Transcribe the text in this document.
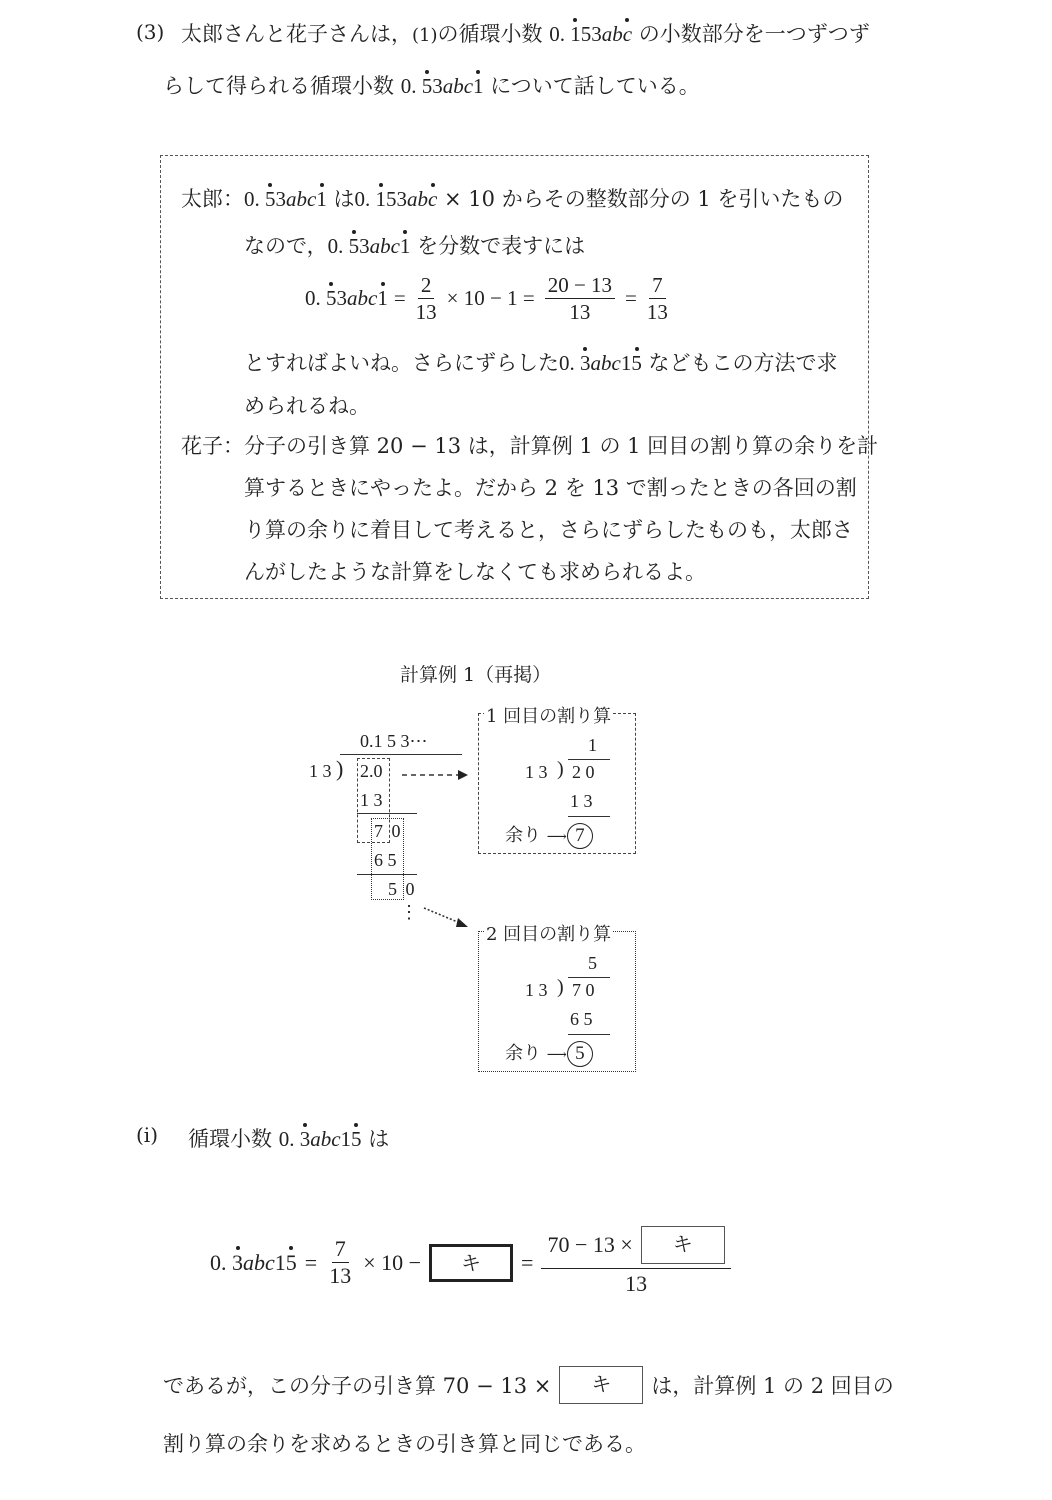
(3) 太郎さんと花子さんは，(1)の循環小数 0. 153abc の小数部分を一つずつず
らして得られる循環小数 0. 53abc1 について話している。
太郎： 0. 53abc1 は0. 153abc × 10 からその整数部分の 1 を引いたもの
なので，0. 53abc1 を分数で表すには
0. $53abc1 = \frac{2}{13} \times 10 - 1 = \frac{20 - 13}{13} = \frac{7}{13}$
とすればよいね。さらにずらした0. 3abc15 などもこの方法で求
められるね。
花子： 分子の引き算 20 − 13 は，計算例 1 の 1 回目の割り算の余りを計
算するときにやったよ。だから 2 を 13 で割ったときの各回の割
り算の余りに着目して考えると，さらにずらしたものも，太郎さ
んがしたような計算をしなくても求められるよ。
計算例 1（再掲）
0.1 5 3⋯
1 3 ) 2.0
1 3
7 0
6 5
5 0
⋮
1 回目の割り算
1
1 3 ) 2 0
1 3
余り ⟶ 7
2 回目の割り算
5
1 3 ) 7 0
6 5
余り ⟶ 5
(i) 循環小数 0. 3abc15 は
0. $3abc15 = \frac{7}{13} \times 10$ −	キ	=
70 − 13 ×	キ
13
であるが，この分子の引き算 70 − 13 ×	キ	は，計算例 1 の 2 回目の
割り算の余りを求めるときの引き算と同じである。
